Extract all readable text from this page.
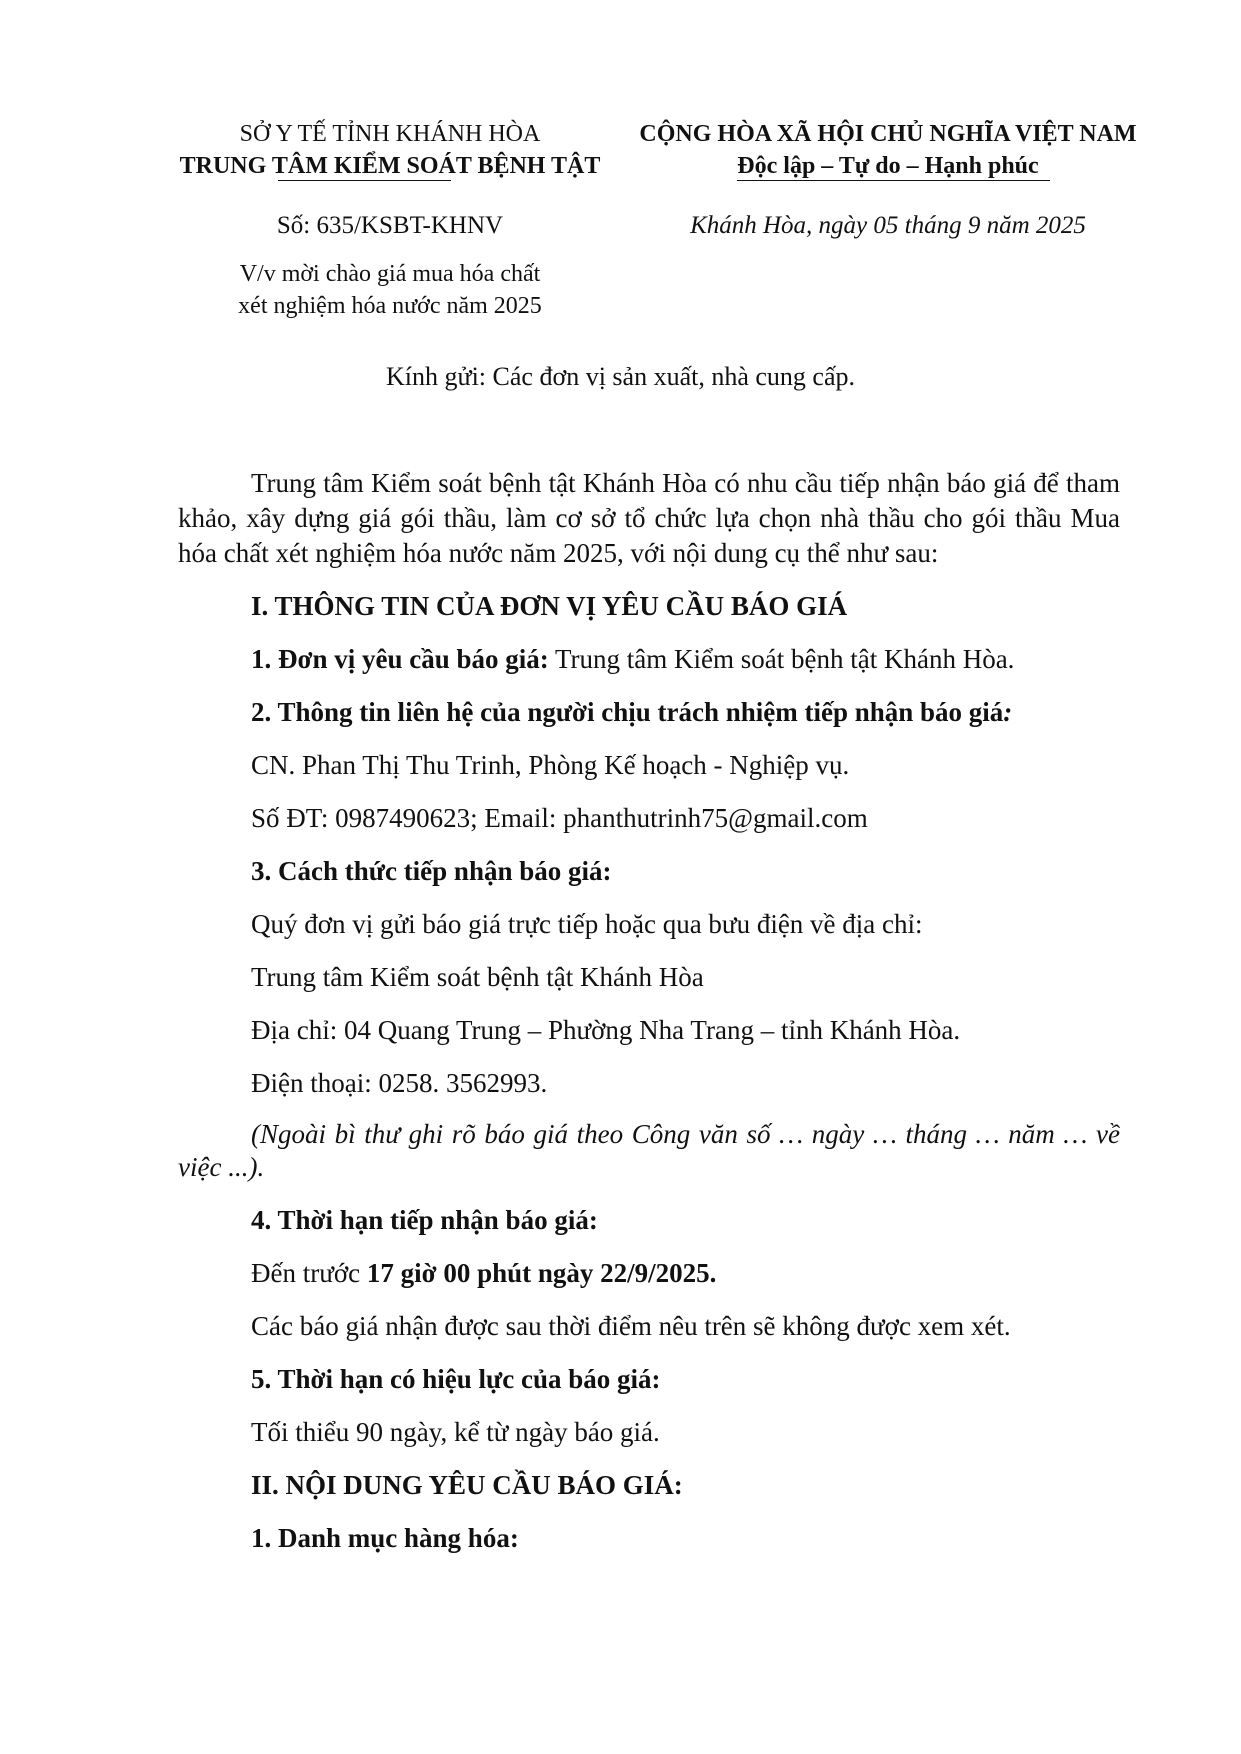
SỞ Y TẾ TỈNH KHÁNH HÒA
TRUNG TÂM KIỂM SOÁT BỆNH TẬT
CỘNG HÒA XÃ HỘI CHỦ NGHĨA VIỆT NAM
Độc lập – Tự do – Hạnh phúc
Số: 635/KSBT-KHNV	Khánh Hòa, ngày 05 tháng 9 năm 2025
V/v mời chào giá mua hóa chất
xét nghiệm hóa nước năm 2025
Kính gửi: Các đơn vị sản xuất, nhà cung cấp.

Trung tâm Kiểm soát bệnh tật Khánh Hòa có nhu cầu tiếp nhận báo giá để tham khảo, xây dựng giá gói thầu, làm cơ sở tổ chức lựa chọn nhà thầu cho gói thầu Mua hóa chất xét nghiệm hóa nước năm 2025, với nội dung cụ thể như sau:

I. THÔNG TIN CỦA ĐƠN VỊ YÊU CẦU BÁO GIÁ

1. Đơn vị yêu cầu báo giá: Trung tâm Kiểm soát bệnh tật Khánh Hòa.

2. Thông tin liên hệ của người chịu trách nhiệm tiếp nhận báo giá:

CN. Phan Thị Thu Trinh, Phòng Kế hoạch - Nghiệp vụ.

Số ĐT: 0987490623; Email: phanthutrinh75@gmail.com

3. Cách thức tiếp nhận báo giá:

Quý đơn vị gửi báo giá trực tiếp hoặc qua bưu điện về địa chỉ:

Trung tâm Kiểm soát bệnh tật Khánh Hòa

Địa chỉ: 04 Quang Trung – Phường Nha Trang – tỉnh Khánh Hòa.

Điện thoại: 0258. 3562993.

(Ngoài bì thư ghi rõ báo giá theo Công văn số … ngày … tháng … năm … về việc ...).

4. Thời hạn tiếp nhận báo giá:

Đến trước 17 giờ 00 phút ngày 22/9/2025.

Các báo giá nhận được sau thời điểm nêu trên sẽ không được xem xét.

5. Thời hạn có hiệu lực của báo giá:

Tối thiểu 90 ngày, kể từ ngày báo giá.

II. NỘI DUNG YÊU CẦU BÁO GIÁ:

1. Danh mục hàng hóa:
